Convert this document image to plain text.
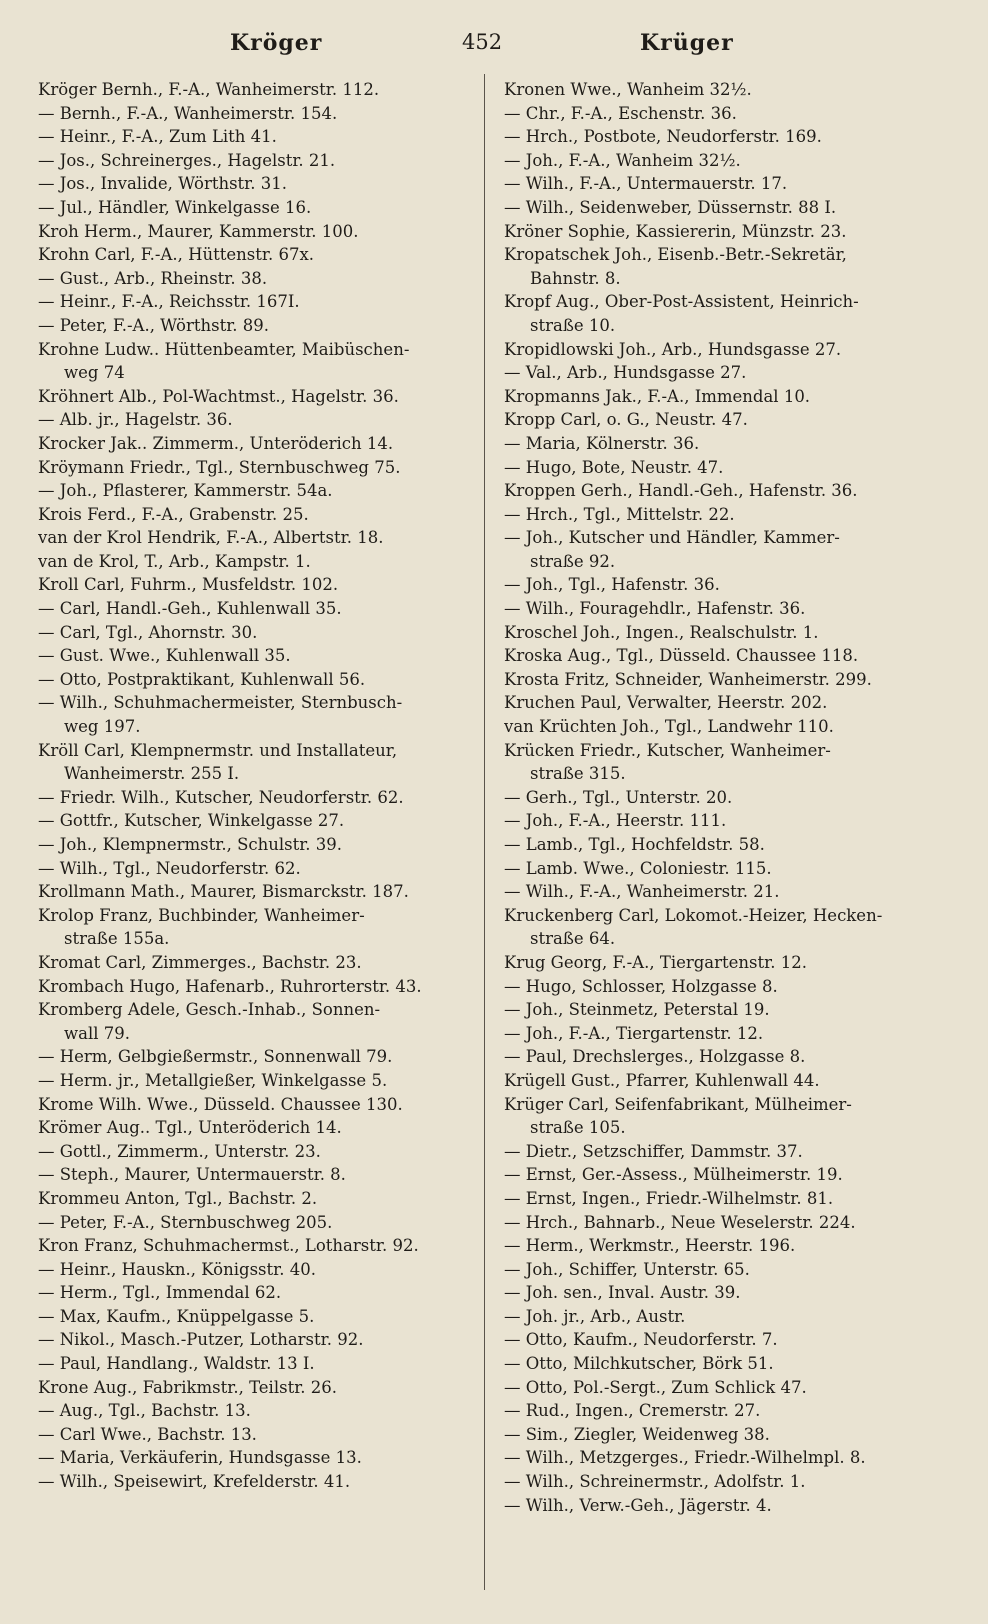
Kröger	452	Krüger
Kröger Bernh., F.-A., Wanheimerstr. 112.
— Bernh., F.-A., Wanheimerstr. 154.
— Heinr., F.-A., Zum Lith 41.
— Jos., Schreinerges., Hagelstr. 21.
— Jos., Invalide, Wörthstr. 31.
— Jul., Händler, Winkelgasse 16.
Kroh Herm., Maurer, Kammerstr. 100.
Krohn Carl, F.-A., Hüttenstr. 67x.
— Gust., Arb., Rheinstr. 38.
— Heinr., F.-A., Reichsstr. 167I.
— Peter, F.-A., Wörthstr. 89.
Krohne Ludw.. Hüttenbeamter, Maibüschen-
weg 74
Kröhnert Alb., Pol-Wachtmst., Hagelstr. 36.
— Alb. jr., Hagelstr. 36.
Krocker Jak.. Zimmerm., Unteröderich 14.
Kröymann Friedr., Tgl., Sternbuschweg 75.
— Joh., Pflasterer, Kammerstr. 54a.
Krois Ferd., F.-A., Grabenstr. 25.
van der Krol Hendrik, F.-A., Albertstr. 18.
van de Krol, T., Arb., Kampstr. 1.
Kroll Carl, Fuhrm., Musfeldstr. 102.
— Carl, Handl.-Geh., Kuhlenwall 35.
— Carl, Tgl., Ahornstr. 30.
— Gust. Wwe., Kuhlenwall 35.
— Otto, Postpraktikant, Kuhlenwall 56.
— Wilh., Schuhmachermeister, Sternbusch-
weg 197.
Kröll Carl, Klempnermstr. und Installateur,
Wanheimerstr. 255 I.
— Friedr. Wilh., Kutscher, Neudorferstr. 62.
— Gottfr., Kutscher, Winkelgasse 27.
— Joh., Klempnermstr., Schulstr. 39.
— Wilh., Tgl., Neudorferstr. 62.
Krollmann Math., Maurer, Bismarckstr. 187.
Krolop Franz, Buchbinder, Wanheimer-
straße 155a.
Kromat Carl, Zimmerges., Bachstr. 23.
Krombach Hugo, Hafenarb., Ruhrorterstr. 43.
Kromberg Adele, Gesch.-Inhab., Sonnen-
wall 79.
— Herm, Gelbgießermstr., Sonnenwall 79.
— Herm. jr., Metallgießer, Winkelgasse 5.
Krome Wilh. Wwe., Düsseld. Chaussee 130.
Krömer Aug.. Tgl., Unteröderich 14.
— Gottl., Zimmerm., Unterstr. 23.
— Steph., Maurer, Untermauerstr. 8.
Krommeu Anton, Tgl., Bachstr. 2.
— Peter, F.-A., Sternbuschweg 205.
Kron Franz, Schuhmachermst., Lotharstr. 92.
— Heinr., Hauskn., Königsstr. 40.
— Herm., Tgl., Immendal 62.
— Max, Kaufm., Knüppelgasse 5.
— Nikol., Masch.-Putzer, Lotharstr. 92.
— Paul, Handlang., Waldstr. 13 I.
Krone Aug., Fabrikmstr., Teilstr. 26.
— Aug., Tgl., Bachstr. 13.
— Carl Wwe., Bachstr. 13.
— Maria, Verkäuferin, Hundsgasse 13.
— Wilh., Speisewirt, Krefelderstr. 41.
Kronen Wwe., Wanheim 32½.
— Chr., F.-A., Eschenstr. 36.
— Hrch., Postbote, Neudorferstr. 169.
— Joh., F.-A., Wanheim 32½.
— Wilh., F.-A., Untermauerstr. 17.
— Wilh., Seidenweber, Düssernstr. 88 I.
Kröner Sophie, Kassiererin, Münzstr. 23.
Kropatschek Joh., Eisenb.-Betr.-Sekretär,
Bahnstr. 8.
Kropf Aug., Ober-Post-Assistent, Heinrich-
straße 10.
Kropidlowski Joh., Arb., Hundsgasse 27.
— Val., Arb., Hundsgasse 27.
Kropmanns Jak., F.-A., Immendal 10.
Kropp Carl, o. G., Neustr. 47.
— Maria, Kölnerstr. 36.
— Hugo, Bote, Neustr. 47.
Kroppen Gerh., Handl.-Geh., Hafenstr. 36.
— Hrch., Tgl., Mittelstr. 22.
— Joh., Kutscher und Händler, Kammer-
straße 92.
— Joh., Tgl., Hafenstr. 36.
— Wilh., Fouragehdlr., Hafenstr. 36.
Kroschel Joh., Ingen., Realschulstr. 1.
Kroska Aug., Tgl., Düsseld. Chaussee 118.
Krosta Fritz, Schneider, Wanheimerstr. 299.
Kruchen Paul, Verwalter, Heerstr. 202.
van Krüchten Joh., Tgl., Landwehr 110.
Krücken Friedr., Kutscher, Wanheimer-
straße 315.
— Gerh., Tgl., Unterstr. 20.
— Joh., F.-A., Heerstr. 111.
— Lamb., Tgl., Hochfeldstr. 58.
— Lamb. Wwe., Coloniestr. 115.
— Wilh., F.-A., Wanheimerstr. 21.
Kruckenberg Carl, Lokomot.-Heizer, Hecken-
straße 64.
Krug Georg, F.-A., Tiergartenstr. 12.
— Hugo, Schlosser, Holzgasse 8.
— Joh., Steinmetz, Peterstal 19.
— Joh., F.-A., Tiergartenstr. 12.
— Paul, Drechslerges., Holzgasse 8.
Krügell Gust., Pfarrer, Kuhlenwall 44.
Krüger Carl, Seifenfabrikant, Mülheimer-
straße 105.
— Dietr., Setzschiffer, Dammstr. 37.
— Ernst, Ger.-Assess., Mülheimerstr. 19.
— Ernst, Ingen., Friedr.-Wilhelmstr. 81.
— Hrch., Bahnarb., Neue Weselerstr. 224.
— Herm., Werkmstr., Heerstr. 196.
— Joh., Schiffer, Unterstr. 65.
— Joh. sen., Inval. Austr. 39.
— Joh. jr., Arb., Austr.
— Otto, Kaufm., Neudorferstr. 7.
— Otto, Milchkutscher, Börk 51.
— Otto, Pol.-Sergt., Zum Schlick 47.
— Rud., Ingen., Cremerstr. 27.
— Sim., Ziegler, Weidenweg 38.
— Wilh., Metzgerges., Friedr.-Wilhelmpl. 8.
— Wilh., Schreinermstr., Adolfstr. 1.
— Wilh., Verw.-Geh., Jägerstr. 4.
